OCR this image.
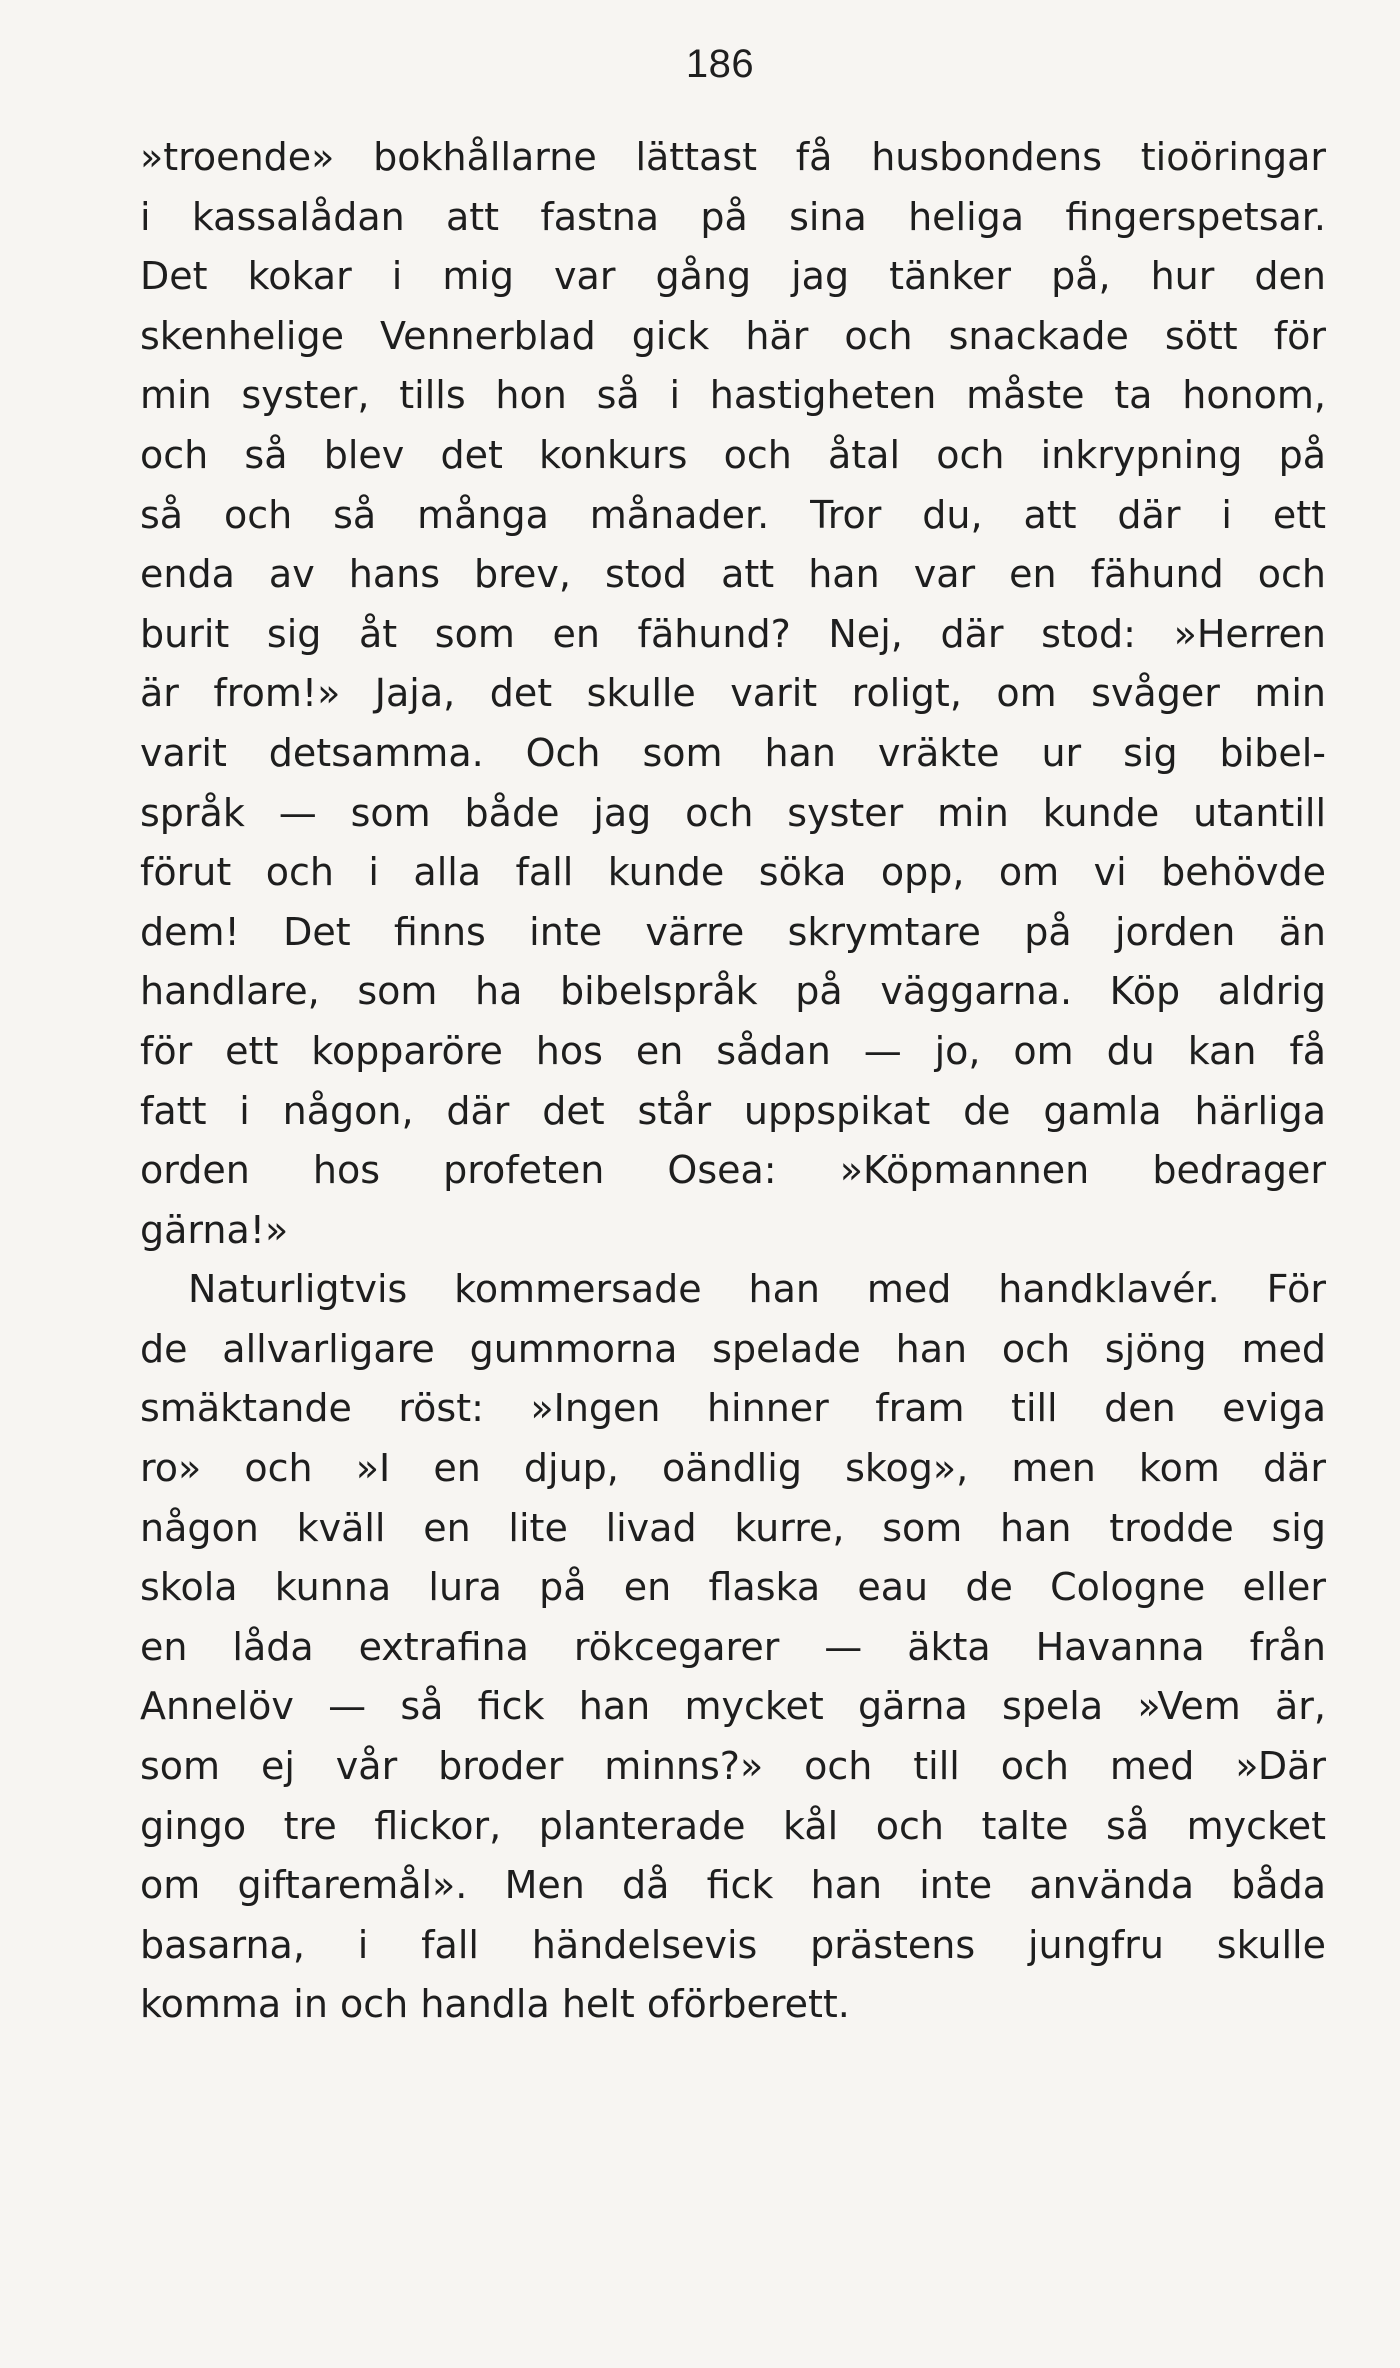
186
»troende» bokhållarne lättast få husbondens tioöringar
i kassalådan att fastna på sina heliga fingerspetsar.
Det kokar i mig var gång jag tänker på, hur den
skenhelige Vennerblad gick här och snackade sött för
min syster, tills hon så i hastigheten måste ta honom,
och så blev det konkurs och åtal och inkrypning på
så och så många månader. Tror du, att där i ett
enda av hans brev, stod att han var en fähund och
burit sig åt som en fähund? Nej, där stod: »Herren
är from!» Jaja, det skulle varit roligt, om svåger min
varit detsamma. Och som han vräkte ur sig bibel-
språk — som både jag och syster min kunde utantill
förut och i alla fall kunde söka opp, om vi behövde
dem! Det finns inte värre skrymtare på jorden än
handlare, som ha bibelspråk på väggarna. Köp aldrig
för ett kopparöre hos en sådan — jo, om du kan få
fatt i någon, där det står uppspikat de gamla härliga
orden hos profeten Osea: »Köpmannen bedrager
gärna!»
Naturligtvis kommersade han med handklavér. För
de allvarligare gummorna spelade han och sjöng med
smäktande röst: »Ingen hinner fram till den eviga
ro» och »I en djup, oändlig skog», men kom där
någon kväll en lite livad kurre, som han trodde sig
skola kunna lura på en flaska eau de Cologne eller
en låda extrafina rökcegarer — äkta Havanna från
Annelöv — så fick han mycket gärna spela »Vem är,
som ej vår broder minns?» och till och med »Där
gingo tre flickor, planterade kål och talte så mycket
om giftaremål». Men då fick han inte använda båda
basarna, i fall händelsevis prästens jungfru skulle
komma in och handla helt oförberett.
